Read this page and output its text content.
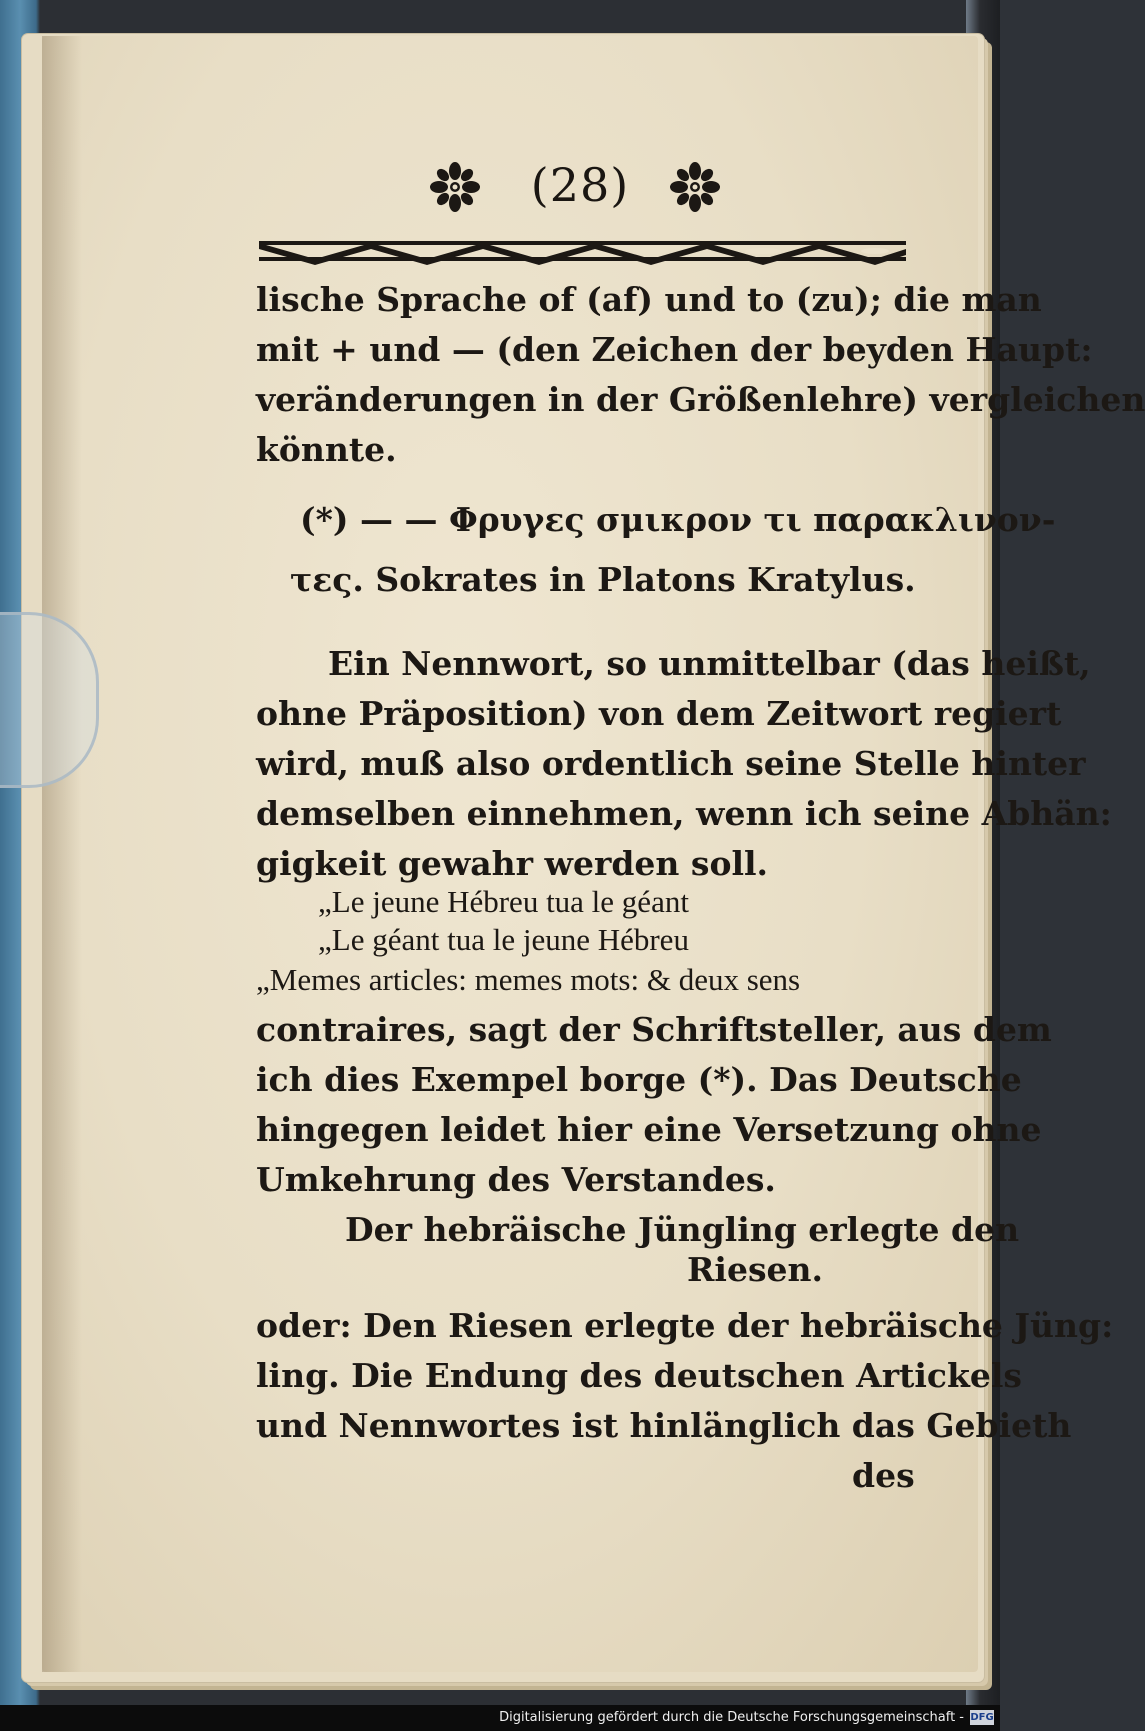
(28)
lische Sprache of (af) und to (zu); die man
mit + und — (den Zeichen der beyden Haupt:
veränderungen in der Größenlehre) vergleichen
könnte.
(*) — — Φρυγες σμικρον τι παρακλινον-
τες. Sokrates in Platons Kratylus.
Ein Nennwort, so unmittelbar (das heißt,
ohne Präposition) von dem Zeitwort regiert
wird, muß also ordentlich seine Stelle hinter
demselben einnehmen, wenn ich seine Abhän:
gigkeit gewahr werden soll.
„Le jeune Hébreu tua le géant
„Le géant tua le jeune Hébreu
„Memes articles: memes mots: & deux sens
contraires, sagt der Schriftsteller, aus dem
ich dies Exempel borge (*). Das Deutsche
hingegen leidet hier eine Versetzung ohne
Umkehrung des Verstandes.
Der hebräische Jüngling erlegte den
Riesen.
oder: Den Riesen erlegte der hebräische Jüng:
ling. Die Endung des deutschen Artickels
und Nennwortes ist hinlänglich das Gebieth
des
Digitalisierung gefördert durch die Deutsche Forschungsgemeinschaft - DFG
